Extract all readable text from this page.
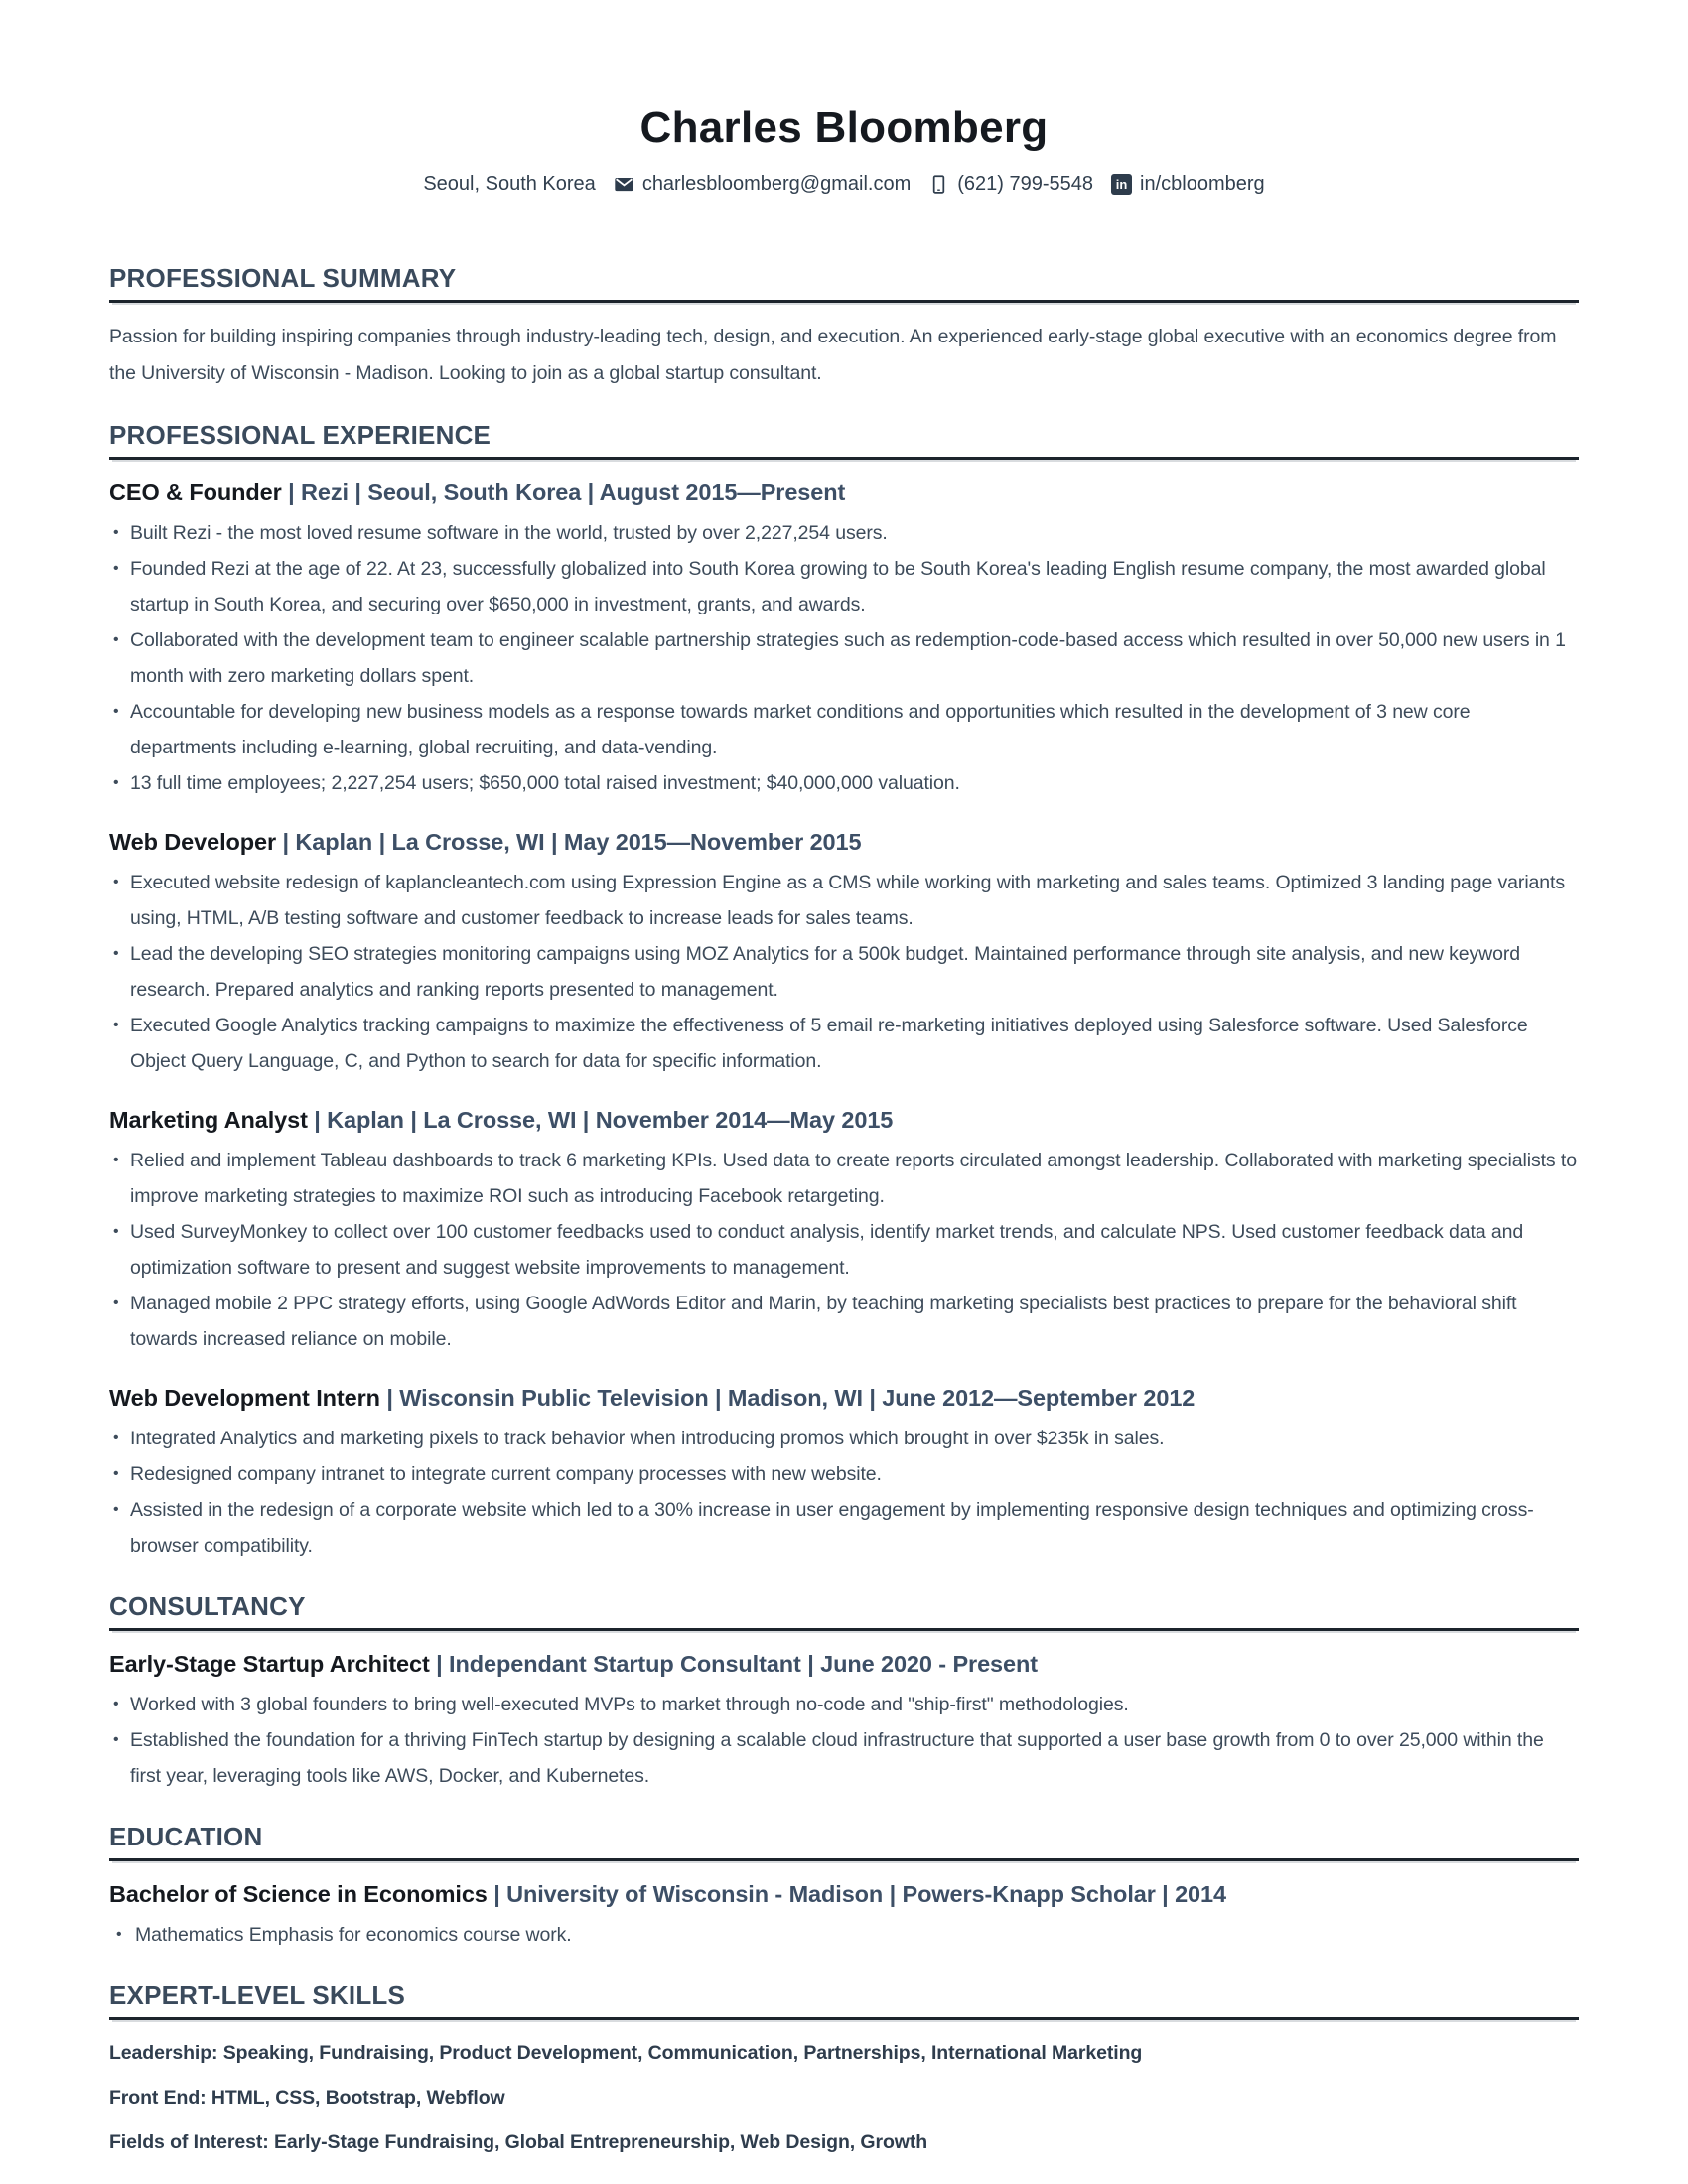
Charles Bloomberg
Seoul, South Korea charlesbloomberg@gmail.com (621) 799-5548	in in/cbloomberg
PROFESSIONAL SUMMARY
Passion for building inspiring companies through industry-leading tech, design, and execution. An experienced early-stage global executive with an economics degree from the University of Wisconsin - Madison. Looking to join as a global startup consultant.
PROFESSIONAL EXPERIENCE
CEO & Founder | Rezi | Seoul, South Korea | August 2015—Present
• Built Rezi - the most loved resume software in the world, trusted by over 2,227,254 users.
• Founded Rezi at the age of 22. At 23, successfully globalized into South Korea growing to be South Korea's leading English resume company, the most awarded global startup in South Korea, and securing over $650,000 in investment, grants, and awards.
• Collaborated with the development team to engineer scalable partnership strategies such as redemption-code-based access which resulted in over 50,000 new users in 1 month with zero marketing dollars spent.
• Accountable for developing new business models as a response towards market conditions and opportunities which resulted in the development of 3 new core departments including e-learning, global recruiting, and data-vending.
• 13 full time employees; 2,227,254 users; $650,000 total raised investment; $40,000,000 valuation.
Web Developer | Kaplan | La Crosse, WI | May 2015—November 2015
• Executed website redesign of kaplancleantech.com using Expression Engine as a CMS while working with marketing and sales teams. Optimized 3 landing page variants using, HTML, A/B testing software and customer feedback to increase leads for sales teams.
• Lead the developing SEO strategies monitoring campaigns using MOZ Analytics for a 500k budget. Maintained performance through site analysis, and new keyword research. Prepared analytics and ranking reports presented to management.
• Executed Google Analytics tracking campaigns to maximize the effectiveness of 5 email re-marketing initiatives deployed using Salesforce software. Used Salesforce Object Query Language, C, and Python to search for data for specific information.
Marketing Analyst | Kaplan | La Crosse, WI | November 2014—May 2015
• Relied and implement Tableau dashboards to track 6 marketing KPIs. Used data to create reports circulated amongst leadership. Collaborated with marketing specialists to improve marketing strategies to maximize ROI such as introducing Facebook retargeting.
• Used SurveyMonkey to collect over 100 customer feedbacks used to conduct analysis, identify market trends, and calculate NPS. Used customer feedback data and optimization software to present and suggest website improvements to management.
• Managed mobile 2 PPC strategy efforts, using Google AdWords Editor and Marin, by teaching marketing specialists best practices to prepare for the behavioral shift towards increased reliance on mobile.
Web Development Intern | Wisconsin Public Television | Madison, WI | June 2012—September 2012
• Integrated Analytics and marketing pixels to track behavior when introducing promos which brought in over $235k in sales.
• Redesigned company intranet to integrate current company processes with new website.
• Assisted in the redesign of a corporate website which led to a 30% increase in user engagement by implementing responsive design techniques and optimizing cross-browser compatibility.
CONSULTANCY
Early-Stage Startup Architect | Independant Startup Consultant | June 2020 - Present
• Worked with 3 global founders to bring well-executed MVPs to market through no-code and "ship-first" methodologies.
• Established the foundation for a thriving FinTech startup by designing a scalable cloud infrastructure that supported a user base growth from 0 to over 25,000 within the first year, leveraging tools like AWS, Docker, and Kubernetes.
EDUCATION
Bachelor of Science in Economics | University of Wisconsin - Madison | Powers-Knapp Scholar | 2014
• Mathematics Emphasis for economics course work.
EXPERT-LEVEL SKILLS
Leadership: Speaking, Fundraising, Product Development, Communication, Partnerships, International Marketing
Front End: HTML, CSS, Bootstrap, Webflow
Fields of Interest: Early-Stage Fundraising, Global Entrepreneurship, Web Design, Growth
